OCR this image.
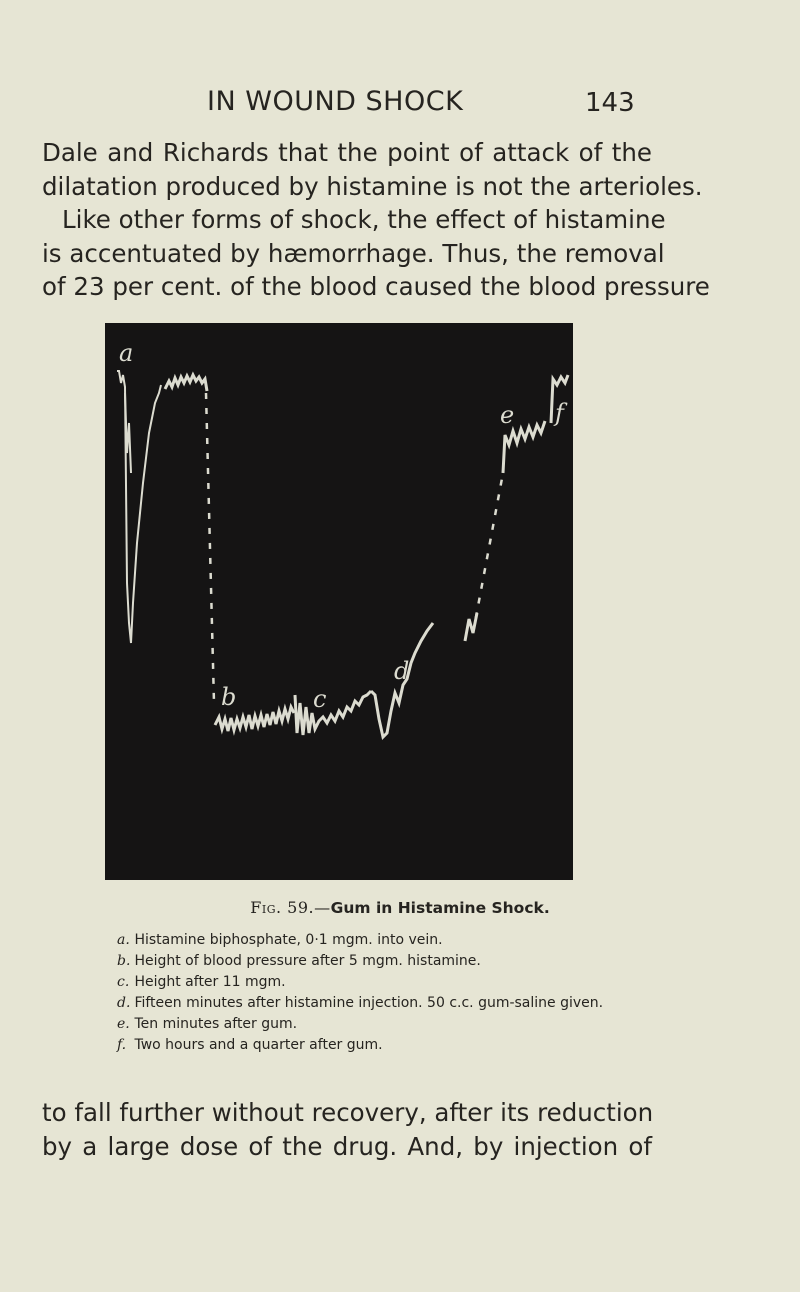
IN WOUND SHOCK	143

Dale and Richards that the point of attack of the
dilatation produced by histamine is not the arterioles.
Like other forms of shock, the effect of histamine
is accentuated by hæmorrhage. Thus, the removal
of 23 per cent. of the blood caused the blood pressure

a
b	c
d
e f
Fig. 59.—Gum in Histamine Shock.
a. Histamine biphosphate, 0·1 mgm. into vein.
b. Height of blood pressure after 5 mgm. histamine.
c. Height after 11 mgm.
d. Fifteen minutes after histamine injection. 50 c.c. gum-saline given.
e. Ten minutes after gum.
f. Two hours and a quarter after gum.

to fall further without recovery, after its reduction
by a large dose of the drug. And, by injection of
